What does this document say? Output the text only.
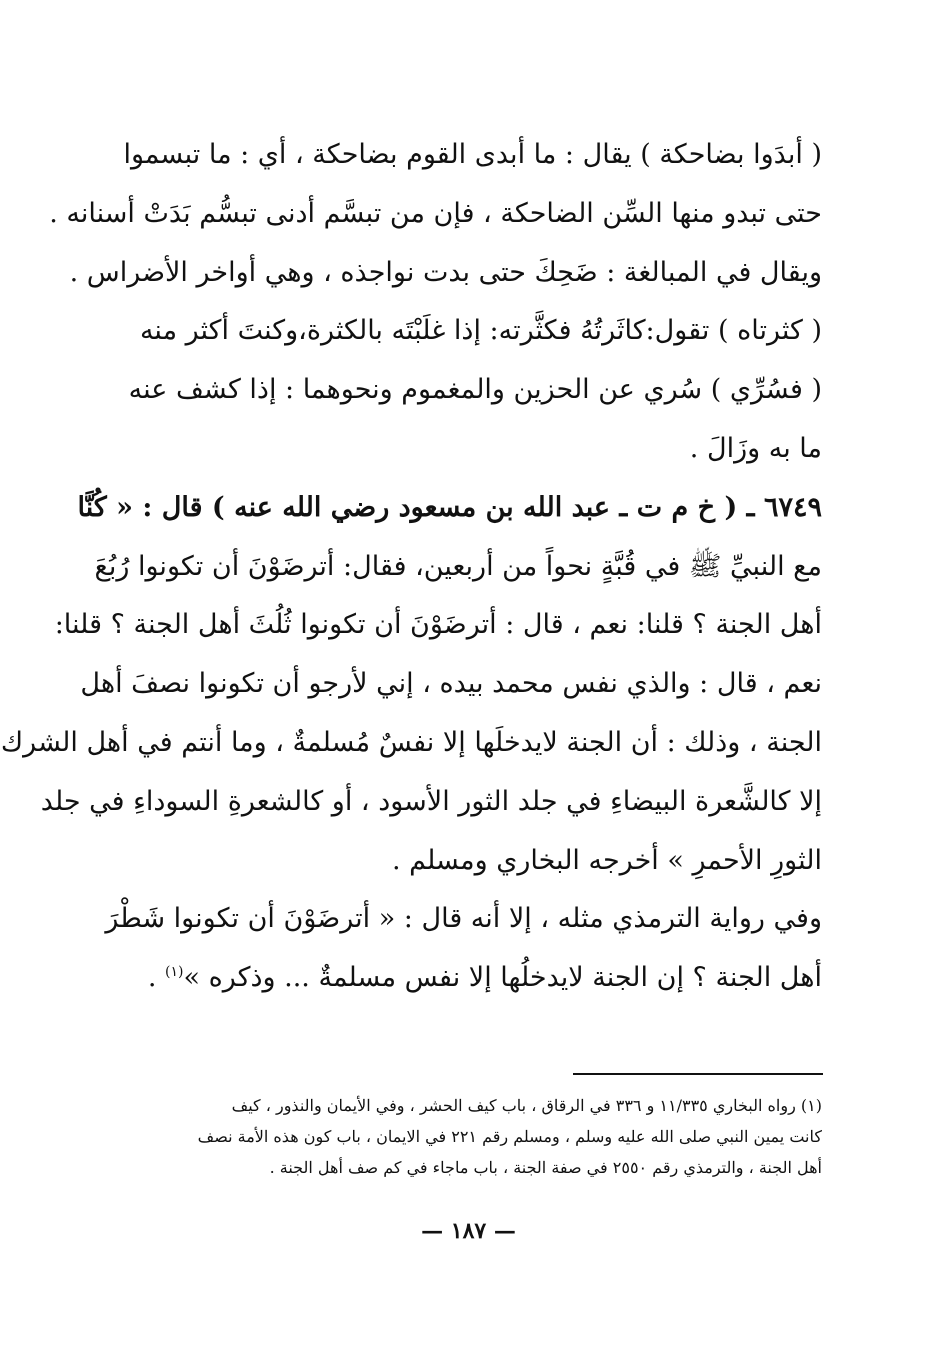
( أبدَوا بضاحكة ) يقال : ما أبدى القوم بضاحكة ، أي : ما تبسموا
حتى تبدو منها السِّن الضاحكة ، فإن من تبسَّم أدنى تبسُّم بَدَتْ أسنانه .
ويقال في المبالغة : ضَحِكَ حتى بدت نواجذه ، وهي أواخر الأضراس .
( كثرتاه ) تقول:كاثَرتُهُ فكثَّرته: إذا غلَبْتَه بالكثرة،وكنتَ أكثر منه
( فسُرِّي ) سُري عن الحزين والمغموم ونحوهما : إذا كشف عنه
ما به وزَالَ .
٦٧٤٩ ـ ( خ م ت ـ عبد الله بن مسعود رضي الله عنه ) قال : « كُنَّا
مع النبيِّ ﷺ في قُبَّةٍ نحواً من أربعين، فقال: أترضَوْنَ أن تكونوا رُبُعَ
أهل الجنة ؟ قلنا: نعم ، قال : أترضَوْنَ أن تكونوا ثُلُثَ أهل الجنة ؟ قلنا:
نعم ، قال : والذي نفس محمد بيده ، إني لأرجو أن تكونوا نصفَ أهل
الجنة ، وذلك : أن الجنة لايدخلَها إلا نفسٌ مُسلمةٌ ، وما أنتم في أهل الشرك
إلا كالشَّعرة البيضاءِ في جلد الثور الأسود ، أو كالشعرةِ السوداءِ في جلد
الثورِ الأحمرِ » أخرجه البخاري ومسلم .
وفي رواية الترمذي مثله ، إلا أنه قال : « أترضَوْنَ أن تكونوا شَطْرَ
أهل الجنة ؟ إن الجنة لايدخلُها إلا نفس مسلمةٌ ... وذكره »$^{(١)}$ .
(١) رواه البخاري ١١/٣٣٥ و ٣٣٦ في الرقاق ، باب كيف الحشر ، وفي الأيمان والنذور ، كيف
كانت يمين النبي صلى الله عليه وسلم ، ومسلم رقم ٢٢١ في الايمان ، باب كون هذه الأمة نصف
أهل الجنة ، والترمذي رقم ٢٥٥٠ في صفة الجنة ، باب ماجاء في كم صف أهل الجنة .
— ١٨٧ —
